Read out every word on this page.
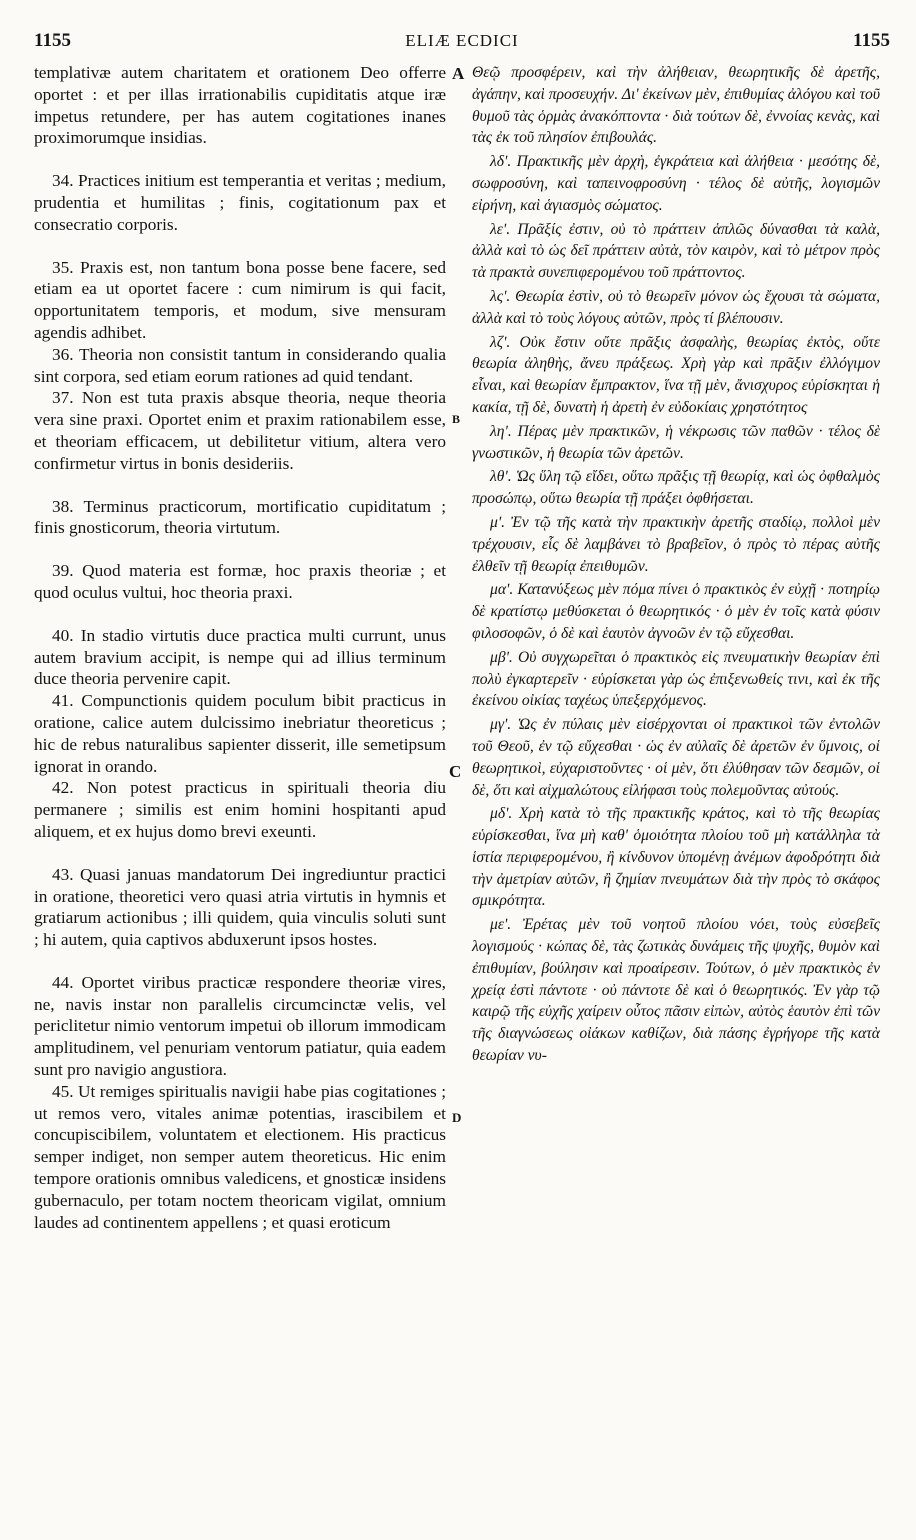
1155	ELIÆ ECDICI	1155
A
B
C
D

templativæ autem charitatem et orationem Deo offerre oportet : et per illas irrationabilis cupiditatis atque iræ impetus retundere, per has autem cogitationes inanes proximorumque insidias.

34. Practices initium est temperantia et veritas ; medium, prudentia et humilitas ; finis, cogitationum pax et consecratio corporis.

35. Praxis est, non tantum bona posse bene facere, sed etiam ea ut oportet facere : cum nimirum is qui facit, opportunitatem temporis, et modum, sive mensuram agendis adhibet.

36. Theoria non consistit tantum in considerando qualia sint corpora, sed etiam eorum rationes ad quid tendant.

37. Non est tuta praxis absque theoria, neque theoria vera sine praxi. Oportet enim et praxim rationabilem esse, et theoriam efficacem, ut debilitetur vitium, altera vero confirmetur virtus in bonis desideriis.

38. Terminus practicorum, mortificatio cupiditatum ; finis gnosticorum, theoria virtutum.

39. Quod materia est formæ, hoc praxis theoriæ ; et quod oculus vultui, hoc theoria praxi.

40. In stadio virtutis duce practica multi currunt, unus autem bravium accipit, is nempe qui ad illius terminum duce theoria pervenire capit.

41. Compunctionis quidem poculum bibit practicus in oratione, calice autem dulcissimo inebriatur theoreticus ; hic de rebus naturalibus sapienter disserit, ille semetipsum ignorat in orando.

42. Non potest practicus in spirituali theoria diu permanere ; similis est enim homini hospitanti apud aliquem, et ex hujus domo brevi exeunti.

43. Quasi januas mandatorum Dei ingrediuntur practici in oratione, theoretici vero quasi atria virtutis in hymnis et gratiarum actionibus ; illi quidem, quia vinculis soluti sunt ; hi autem, quia captivos abduxerunt ipsos hostes.

44. Oportet viribus practicæ respondere theoriæ vires, ne, navis instar non parallelis circumcinctæ velis, vel periclitetur nimio ventorum impetui ob illorum immodicam amplitudinem, vel penuriam ventorum patiatur, quia eadem sunt pro navigio angustiora.

45. Ut remiges spiritualis navigii habe pias cogitationes ; ut remos vero, vitales animæ potentias, irascibilem et concupiscibilem, voluntatem et electionem. His practicus semper indiget, non semper autem theoreticus. Hic enim tempore orationis omnibus valedicens, et gnosticæ insidens gubernaculo, per totam noctem theoricam vigilat, omnium laudes ad continentem appellens ; et quasi eroticum

Θεῷ προσφέρειν, καὶ τὴν ἀλήθειαν, θεωρητικῆς δὲ ἀρετῆς, ἀγάπην, καὶ προσευχήν. Δι' ἐκείνων μὲν, ἐπιθυμίας ἀλόγου καὶ τοῦ θυμοῦ τὰς ὁρμὰς ἀνακόπτοντα · διὰ τούτων δὲ, ἐννοίας κενὰς, καὶ τὰς ἐκ τοῦ πλησίον ἐπιβουλάς.

λδʹ. Πρακτικῆς μὲν ἀρχὴ, ἐγκράτεια καὶ ἀλήθεια · μεσότης δὲ, σωφροσύνη, καὶ ταπεινοφροσύνη · τέλος δὲ αὐτῆς, λογισμῶν εἰρήνη, καὶ ἁγιασμὸς σώματος.

λεʹ. Πρᾶξίς ἐστιν, οὐ τὸ πράττειν ἁπλῶς δύνασθαι τὰ καλὰ, ἀλλὰ καὶ τὸ ὡς δεῖ πράττειν αὐτὰ, τὸν καιρὸν, καὶ τὸ μέτρον πρὸς τὰ πρακτὰ συνεπιφερομένου τοῦ πράττοντος.

λςʹ. Θεωρία ἐστὶν, οὐ τὸ θεωρεῖν μόνον ὡς ἔχουσι τὰ σώματα, ἀλλὰ καὶ τὸ τοὺς λόγους αὐτῶν, πρὸς τί βλέπουσιν.

λζʹ. Οὐκ ἔστιν οὔτε πρᾶξις ἀσφαλὴς, θεωρίας ἐκτὸς, οὔτε θεωρία ἀληθὴς, ἄνευ πράξεως. Χρὴ γὰρ καὶ πρᾶξιν ἐλλόγιμον εἶναι, καὶ θεωρίαν ἔμπρακτον, ἵνα τῇ μὲν, ἄνισχυρος εὑρίσκηται ἡ κακία, τῇ δὲ, δυνατὴ ἡ ἀρετὴ ἐν εὐδοκίαις χρηστότητος

ληʹ. Πέρας μὲν πρακτικῶν, ἡ νέκρωσις τῶν παθῶν · τέλος δὲ γνωστικῶν, ἡ θεωρία τῶν ἀρετῶν.

λθʹ. Ὡς ὕλη τῷ εἴδει, οὕτω πρᾶξις τῇ θεωρίᾳ, καὶ ὡς ὀφθαλμὸς προσώπῳ, οὕτω θεωρία τῇ πράξει ὀφθήσεται.

μʹ. Ἐν τῷ τῆς κατὰ τὴν πρακτικὴν ἀρετῆς σταδίῳ, πολλοὶ μὲν τρέχουσιν, εἷς δὲ λαμβάνει τὸ βραβεῖον, ὁ πρὸς τὸ πέρας αὐτῆς ἐλθεῖν τῇ θεωρίᾳ ἐπειθυμῶν.

μαʹ. Κατανύξεως μὲν πόμα πίνει ὁ πρακτικὸς ἐν εὐχῇ · ποτηρίῳ δὲ κρατίστῳ μεθύσκεται ὁ θεωρητικός · ὁ μὲν ἐν τοῖς κατὰ φύσιν φιλοσοφῶν, ὁ δὲ καὶ ἑαυτὸν ἀγνοῶν ἐν τῷ εὔχεσθαι.

μβʹ. Οὐ συγχωρεῖται ὁ πρακτικὸς εἰς πνευματικὴν θεωρίαν ἐπὶ πολὺ ἐγκαρτερεῖν · εὑρίσκεται γὰρ ὡς ἐπιξενωθείς τινι, καὶ ἐκ τῆς ἐκείνου οἰκίας ταχέως ὑπεξερχόμενος.

μγʹ. Ὡς ἐν πύλαις μὲν εἰσέρχονται οἱ πρακτικοὶ τῶν ἐντολῶν τοῦ Θεοῦ, ἐν τῷ εὔχεσθαι · ὡς ἐν αὐλαῖς δὲ ἀρετῶν ἐν ὕμνοις, οἱ θεωρητικοὶ, εὐχαριστοῦντες · οἱ μὲν, ὅτι ἐλύθησαν τῶν δεσμῶν, οἱ δὲ, ὅτι καὶ αἰχμαλώτους εἰλήφασι τοὺς πολεμοῦντας αὐτούς.

μδʹ. Χρὴ κατὰ τὸ τῆς πρακτικῆς κράτος, καὶ τὸ τῆς θεωρίας εὑρίσκεσθαι, ἵνα μὴ καθ' ὁμοιότητα πλοίου τοῦ μὴ κατάλληλα τὰ ἱστία περιφερομένου, ἢ κίνδυνον ὑπομένῃ ἀνέμων ἀφοδρότητι διὰ τὴν ἀμετρίαν αὐτῶν, ἢ ζημίαν πνευμάτων διὰ τὴν πρὸς τὸ σκάφος σμικρότητα.

μεʹ. Ἐρέτας μὲν τοῦ νοητοῦ πλοίου νόει, τοὺς εὐσεβεῖς λογισμούς · κώπας δὲ, τὰς ζωτικὰς δυνάμεις τῆς ψυχῆς, θυμὸν καὶ ἐπιθυμίαν, βούλησιν καὶ προαίρεσιν. Τούτων, ὁ μὲν πρακτικὸς ἐν χρείᾳ ἐστὶ πάντοτε · οὐ πάντοτε δὲ καὶ ὁ θεωρητικός. Ἐν γὰρ τῷ καιρῷ τῆς εὐχῆς χαίρειν οὗτος πᾶσιν εἰπὼν, αὐτὸς ἑαυτὸν ἐπὶ τῶν τῆς διαγνώσεως οἰάκων καθίζων, διὰ πάσης ἐγρήγορε τῆς κατὰ θεωρίαν νυ-
